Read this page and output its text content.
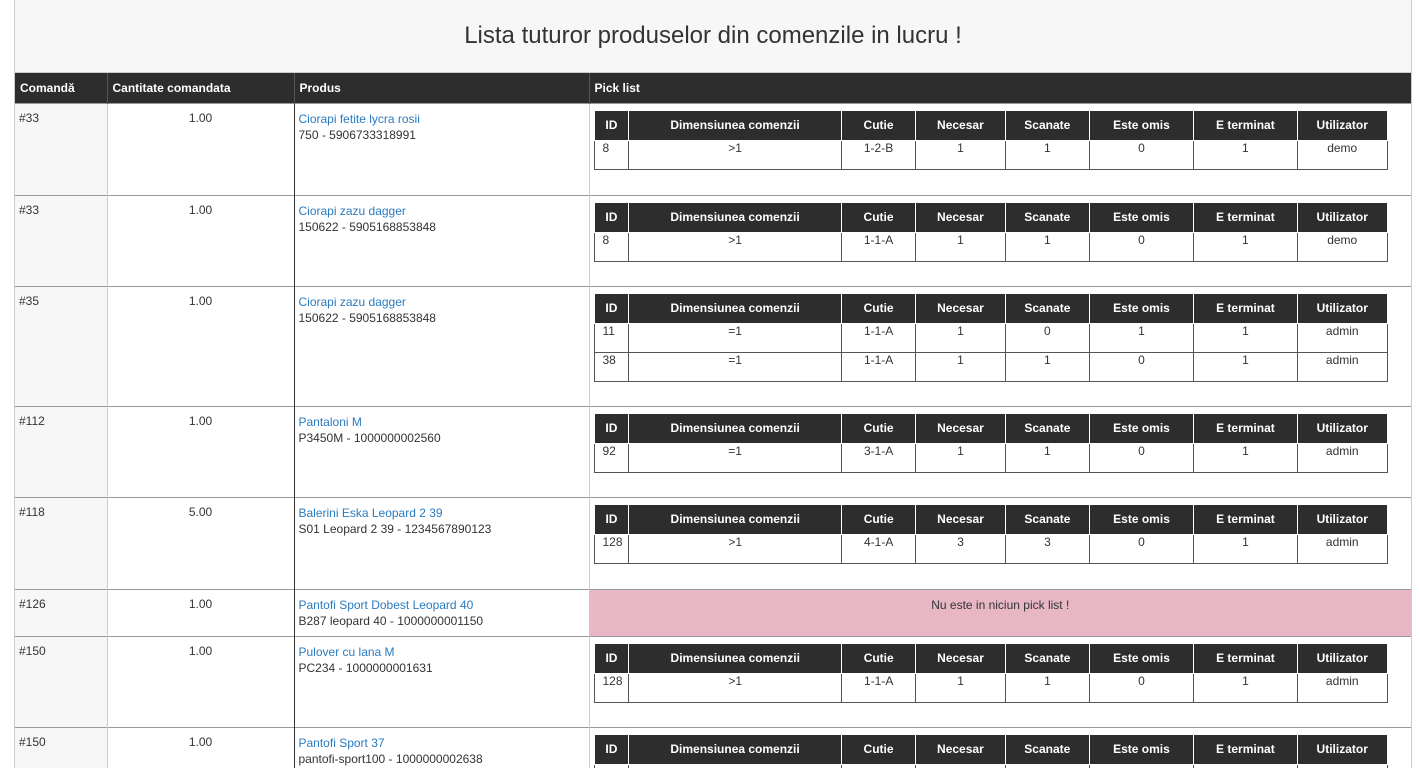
Lista tuturor produselor din comenzile in lucru !
Comandă	Cantitate comandata	Produs	Pick list
#33	1.00	Ciorapi fetite lycra rosii
750 - 5906733318991

ID	Dimensiunea comenzii	Cutie	Necesar	Scanate	Este omis	E terminat	Utilizator
8	>1	1-2-B	1	1	0	1	demo

#33	1.00	Ciorapi zazu dagger
150622 - 5905168853848

ID	Dimensiunea comenzii	Cutie	Necesar	Scanate	Este omis	E terminat	Utilizator
8	>1	1-1-A	1	1	0	1	demo

#35	1.00	Ciorapi zazu dagger
150622 - 5905168853848

ID	Dimensiunea comenzii	Cutie	Necesar	Scanate	Este omis	E terminat	Utilizator
11	=1	1-1-A	1	0	1	1	admin
38	=1	1-1-A	1	1	0	1	admin

#112	1.00	Pantaloni M
P3450M - 1000000002560

ID	Dimensiunea comenzii	Cutie	Necesar	Scanate	Este omis	E terminat	Utilizator
92	=1	3-1-A	1	1	0	1	admin

#118	5.00	Balerini Eska Leopard 2 39
S01 Leopard 2 39 - 1234567890123

ID	Dimensiunea comenzii	Cutie	Necesar	Scanate	Este omis	E terminat	Utilizator
128	>1	4-1-A	3	3	0	1	admin

#126	1.00	Pantofi Sport Dobest Leopard 40
B287 leopard 40 - 1000000001150
	Nu este in niciun pick list !
#150	1.00	Pulover cu lana M
PC234 - 1000000001631

ID	Dimensiunea comenzii	Cutie	Necesar	Scanate	Este omis	E terminat	Utilizator
128	>1	1-1-A	1	1	0	1	admin

#150	1.00	Pantofi Sport 37
pantofi-sport100 - 1000000002638

ID	Dimensiunea comenzii	Cutie	Necesar	Scanate	Este omis	E terminat	Utilizator
